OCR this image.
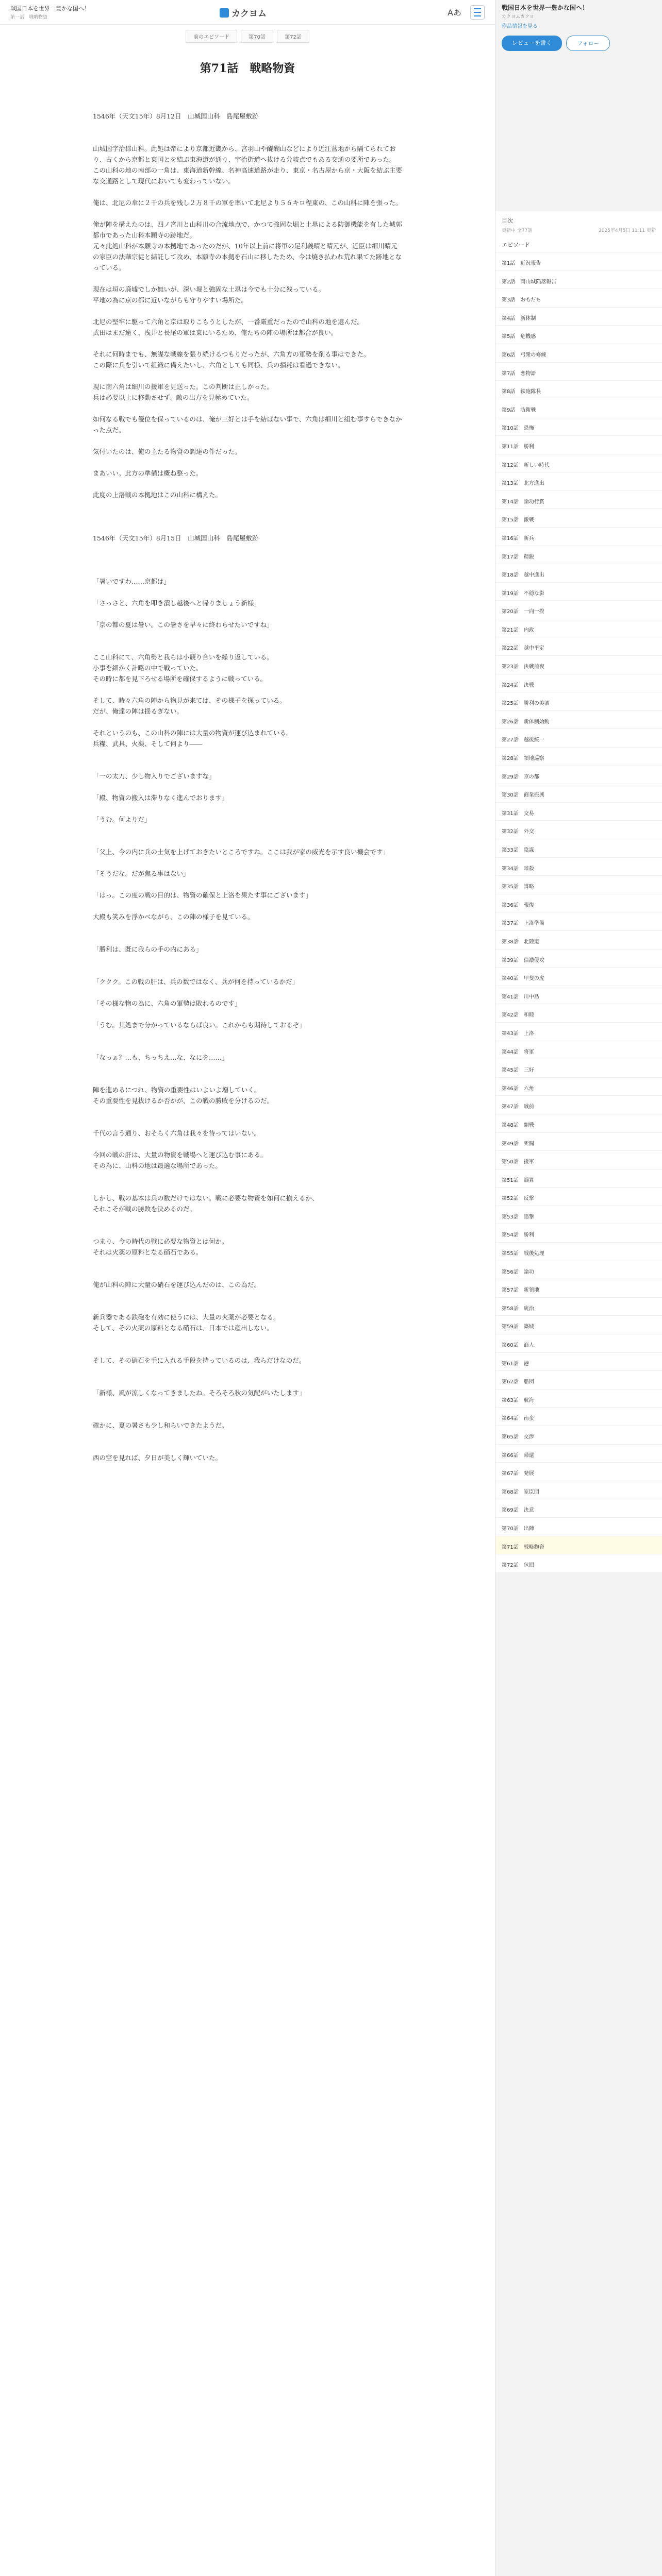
戦国日本を世界一豊かな国へ！
第一話　戦略物資	カクヨム	Aあ
前のエピソード	第70話	第72話
第71話　戦略物資

1546年（天文15年）8月12日　山城国山科　島尾屋敷跡

山城国字治郡山科。此処は帝により京都近畿から、宮羽山や醍醐山などにより近江盆地から隔てられており、古くから京都と東国とを結ぶ東海道が通り、宇治街道へ抜ける分岐点でもある交通の要所であった。

この山科の地の南部の一角は、東海道新幹線、名神高速道路が走り、東京・名古屋から京・大阪を結ぶ主要な交通路として現代においても変わっていない。

俺は、北尼の傘に２千の兵を残し２万８千の軍を率いて北尼より５６キロ程東の、この山科に陣を張った。

俺が陣を構えたのは、四ノ宮川と山科川の合流地点で、かつて強固な堀と土塁による防御機能を有した城郭都市であった山科本願寺の跡地だ。

元々此処山科が本願寺の本拠地であったのだが、10年以上前に将軍の足利義晴と晴元が、近臣は細川晴元の家臣の法華宗徒と結託して攻め、本願寺の本拠を石山に移したため、今は焼き払われ荒れ果てた跡地となっている。

現在は垣の廃墟でしか無いが、深い堀と強固な土塁は今でも十分に残っている。

平地の為に京の都に近いながらも守りやすい場所だ。

北尼の堅牢に駆って六角と京は取りこもうとしたが、一番厳重だったので山科の地を選んだ。

武田はまだ遠く、浅井と長尾の軍は東にいるため、俺たちの陣の場所は都合が良い。

それに何時までも、無謀な戦線を張り続けるつもりだったが、六角方の軍勢を削る事はできた。

この際に兵を引いて組織に備えたいし、六角としても同様、兵の損耗は看過できない。

現に南六角は細川の援軍を見送った。この判断は正しかった。

兵は必要以上に移動させず、敵の出方を見極めていた。

如何なる戦でも優位を保っているのは、俺が三好とは手を結ばない事で、六角は細川と組む事すらできなかった点だ。

気付いたのは、俺の主たる物資の調達の件だった。

まあいい。此方の準備は概ね整った。

此度の上洛戦の本拠地はこの山科に構えた。

1546年（天文15年）8月15日　山城国山科　島尾屋敷跡

「暑いですわ……京都は」

「さっさと、六角を叩き潰し越後へと帰りましょう新様」

「京の都の夏は暑い。この暑さを早々に終わらせたいですね」

ここ山科にて、六角勢と我らは小競り合いを繰り返している。

小事を細かく計略の中で戦っていた。

その時に都を見下ろせる場所を確保するように戦っている。

そして、時々六角の陣から物見が来ては、その様子を探っている。

だが、俺達の陣は揺るぎない。

それというのも、この山科の陣には大量の物資が運び込まれている。

兵糧、武具、火薬、そして何より――

「一の太刀、少し物入りでございますな」

「殿、物資の搬入は滞りなく進んでおります」

「うむ。何よりだ」

「父上、今の内に兵の士気を上げておきたいところですね。ここは我が家の威光を示す良い機会です」

「そうだな。だが焦る事はない」

「はっ。この度の戦の目的は、物資の確保と上洛を果たす事にございます」

大殿も笑みを浮かべながら、この陣の様子を見ている。

「勝利は、既に我らの手の内にある」

「ククク。この戦の肝は、兵の数ではなく、兵が何を持っているかだ」

「その様な物の為に、六角の軍勢は敗れるのです」

「うむ。其処まで分かっているならば良い。これからも期待しておるぞ」

「なっぁ？…も、ちっちえ…な、なにを……」

陣を進めるにつれ、物資の重要性はいよいよ増していく。

その重要性を見抜けるか否かが、この戦の勝敗を分けるのだ。

千代の言う通り、おそらく六角は我々を待ってはいない。

今回の戦の肝は、大量の物資を戦場へと運び込む事にある。

その為に、山科の地は最適な場所であった。

しかし、戦の基本は兵の数だけではない。戦に必要な物資を如何に揃えるか、

それこそが戦の勝敗を決めるのだ。

つまり、今の時代の戦に必要な物資とは何か。

それは火薬の原料となる硝石である。

俺が山科の陣に大量の硝石を運び込んだのは、この為だ。

新兵器である鉄砲を有効に使うには、大量の火薬が必要となる。

そして、その火薬の原料となる硝石は、日本では産出しない。

そして、その硝石を手に入れる手段を持っているのは、我らだけなのだ。

「新様、風が涼しくなってきましたね。そろそろ秋の気配がいたします」

確かに、夏の暑さも少し和らいできたようだ。

西の空を見れば、夕日が美しく輝いていた。

戦国日本を世界一豊かな国へ！
カクヨムカクヨ
作品情報を見る
レビューを書く	フォロー
目次
更新中 全77話	2025年4月5日 11:11 更新
エピソード
第1話　近況報告
第2話　岡山城陥落報告
第3話　おもだち
第4話　新体制
第5話　危機感
第6話　弓衆の修練
第7話　恋物語
第8話　鉄砲隊長
第9話　防衛戦
第10話　恐怖
第11話　勝利
第12話　新しい時代
第13話　北方進出
第14話　論功行賞
第15話　激戦
第16話　新兵
第17話　精鋭
第18話　越中進出
第19話　不穏な影
第20話　一向一揆
第21話　内政
第22話　越中平定
第23話　決戦前夜
第24話　決戦
第25話　勝利の美酒
第26話　新体制始動
第27話　越後統一
第28話　領地巡察
第29話　京の都
第30話　商業振興
第31話　交易
第32話　外交
第33話　陰謀
第34話　暗殺
第35話　謀略
第36話　報復
第37話　上洛準備
第38話　北陸道
第39話　信濃侵攻
第40話　甲斐の虎
第41話　川中島
第42話　和睦
第43話　上洛
第44話　将軍
第45話　三好
第46話　六角
第47話　戦前
第48話　開戦
第49話　死闘
第50話　援軍
第51話　誤算
第52話　反撃
第53話　追撃
第54話　勝利
第55話　戦後処理
第56話　論功
第57話　新領地
第58話　統治
第59話　築城
第60話　商人
第61話　港
第62話　船団
第63話　航海
第64話　南蛮
第65話　交渉
第66話　帰還
第67話　発展
第68話　家臣団
第69話　決意
第70話　出陣
第71話　戦略物資
第72話　包囲
